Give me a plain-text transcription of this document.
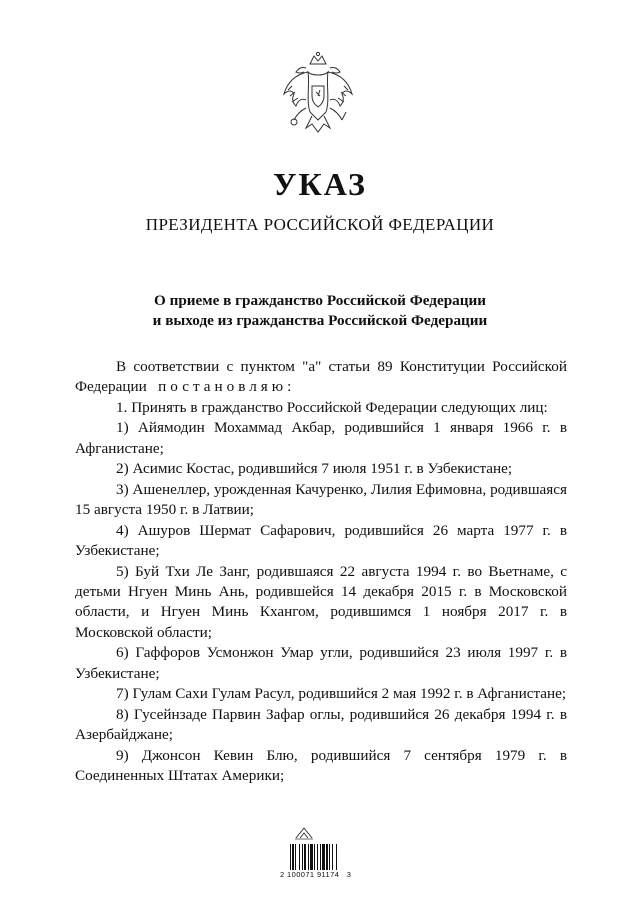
УКАЗ
ПРЕЗИДЕНТА РОССИЙСКОЙ ФЕДЕРАЦИИ
О приеме в гражданство Российской Федерации
и выходе из гражданства Российской Федерации

В соответствии с пунктом "а" статьи 89 Конституции Российской Федерации постановляю:

1. Принять в гражданство Российской Федерации следующих лиц:

1) Айямодин Мохаммад Акбар, родившийся 1 января 1966 г. в Афганистане;

2) Асимис Костас, родившийся 7 июля 1951 г. в Узбекистане;

3) Ашенеллер, урожденная Качуренко, Лилия Ефимовна, родившаяся 15 августа 1950 г. в Латвии;

4) Ашуров Шермат Сафарович, родившийся 26 марта 1977 г. в Узбекистане;

5) Буй Тхи Ле Занг, родившаяся 22 августа 1994 г. во Вьетнаме, с детьми Нгуен Минь Ань, родившейся 14 декабря 2015 г. в Московской области, и Нгуен Минь Кхангом, родившимся 1 ноября 2017 г. в Московской области;

6) Гаффоров Усмонжон Умар угли, родившийся 23 июля 1997 г. в Узбекистане;

7) Гулам Сахи Гулам Расул, родившийся 2 мая 1992 г. в Афганистане;

8) Гусейнзаде Парвин Зафар оглы, родившийся 26 декабря 1994 г. в Азербайджане;

9) Джонсон Кевин Блю, родившийся 7 сентября 1979 г. в Соединенных Штатах Америки;

2 100071 91174   3
